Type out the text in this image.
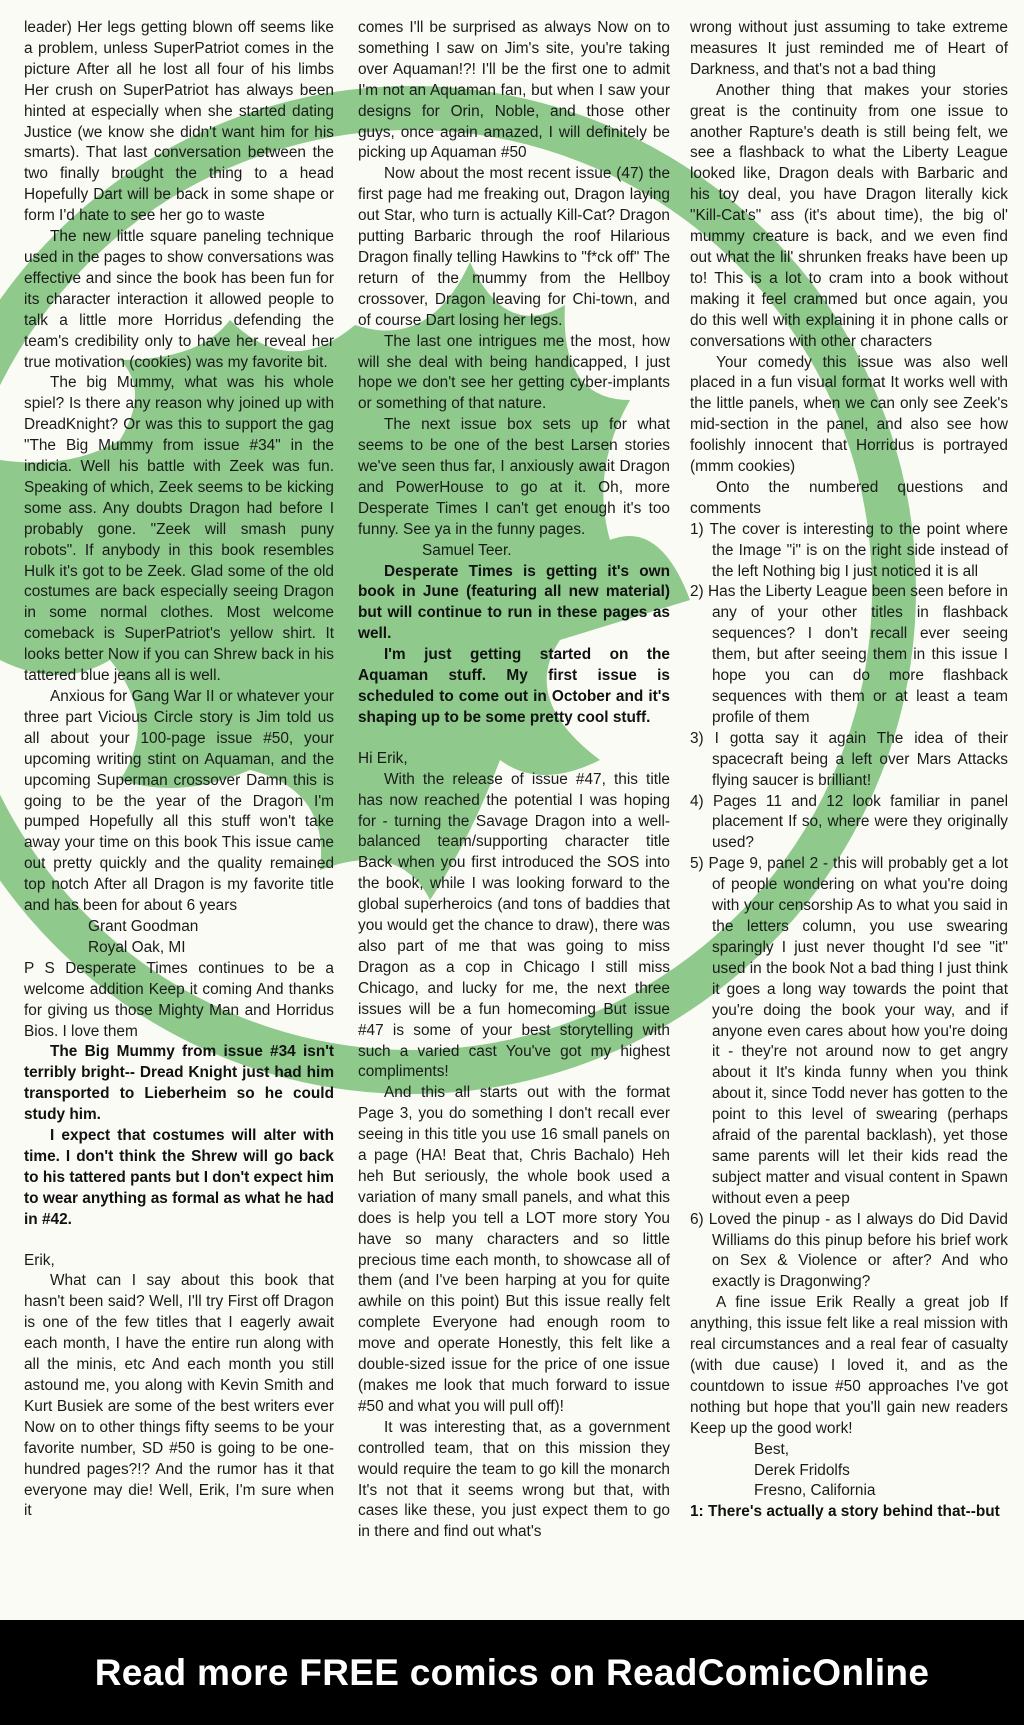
leader) Her legs getting blown off seems like a problem, unless SuperPatriot comes in the picture After all he lost all four of his limbs Her crush on SuperPatriot has always been hinted at especially when she started dating Justice (we know she didn't want him for his smarts). That last conversation between the two finally brought the thing to a head Hopefully Dart will be back in some shape or form I'd hate to see her go to waste

The new little square paneling technique used in the pages to show conversations was effective and since the book has been fun for its character interaction it allowed people to talk a little more Horridus defending the team's credibility only to have her reveal her true motivation (cookies) was my favorite bit.

The big Mummy, what was his whole spiel? Is there any reason why joined up with DreadKnight? Or was this to support the gag "The Big Mummy from issue #34" in the indicia. Well his battle with Zeek was fun. Speaking of which, Zeek seems to be kicking some ass. Any doubts Dragon had before I probably gone. "Zeek will smash puny robots". If anybody in this book resembles Hulk it's got to be Zeek. Glad some of the old costumes are back especially seeing Dragon in some normal clothes. Most welcome comeback is SuperPatriot's yellow shirt. It looks better Now if you can Shrew back in his tattered blue jeans all is well.

Anxious for Gang War II or whatever your three part Vicious Circle story is Jim told us all about your 100-page issue #50, your upcoming writing stint on Aquaman, and the upcoming Superman crossover Damn this is going to be the year of the Dragon I'm pumped Hopefully all this stuff won't take away your time on this book This issue came out pretty quickly and the quality remained top notch After all Dragon is my favorite title and has been for about 6 years

Grant Goodman

Royal Oak, MI

P S Desperate Times continues to be a welcome addition Keep it coming And thanks for giving us those Mighty Man and Horridus Bios. I love them

The Big Mummy from issue #34 isn't terribly bright-- Dread Knight just had him transported to Lieberheim so he could study him.

I expect that costumes will alter with time. I don't think the Shrew will go back to his tattered pants but I don't expect him to wear anything as formal as what he had in #42.

Erik,

What can I say about this book that hasn't been said? Well, I'll try First off Dragon is one of the few titles that I eagerly await each month, I have the entire run along with all the minis, etc And each month you still astound me, you along with Kevin Smith and Kurt Busiek are some of the best writers ever Now on to other things fifty seems to be your favorite number, SD #50 is going to be one-hundred pages?!? And the rumor has it that everyone may die! Well, Erik, I'm sure when it

comes I'll be surprised as always Now on to something I saw on Jim's site, you're taking over Aquaman!?! I'll be the first one to admit I'm not an Aquaman fan, but when I saw your designs for Orin, Noble, and those other guys, once again amazed, I will definitely be picking up Aquaman #50

Now about the most recent issue (47) the first page had me freaking out, Dragon laying out Star, who turn is actually Kill-Cat? Dragon putting Barbaric through the roof Hilarious Dragon finally telling Hawkins to "f*ck off" The return of the mummy from the Hellboy crossover, Dragon leaving for Chi-town, and of course Dart losing her legs.

The last one intrigues me the most, how will she deal with being handicapped, I just hope we don't see her getting cyber-implants or something of that nature.

The next issue box sets up for what seems to be one of the best Larsen stories we've seen thus far, I anxiously await Dragon and PowerHouse to go at it. Oh, more Desperate Times I can't get enough it's too funny. See ya in the funny pages.

Samuel Teer.

Desperate Times is getting it's own book in June (featuring all new material) but will continue to run in these pages as well.

I'm just getting started on the Aquaman stuff. My first issue is scheduled to come out in October and it's shaping up to be some pretty cool stuff.

Hi Erik,

With the release of issue #47, this title has now reached the potential I was hoping for - turning the Savage Dragon into a well-balanced team/supporting character title Back when you first introduced the SOS into the book, while I was looking forward to the global superheroics (and tons of baddies that you would get the chance to draw), there was also part of me that was going to miss Dragon as a cop in Chicago I still miss Chicago, and lucky for me, the next three issues will be a fun homecoming But issue #47 is some of your best storytelling with such a varied cast You've got my highest compliments!

And this all starts out with the format Page 3, you do something I don't recall ever seeing in this title you use 16 small panels on a page (HA! Beat that, Chris Bachalo) Heh heh But seriously, the whole book used a variation of many small panels, and what this does is help you tell a LOT more story You have so many characters and so little precious time each month, to showcase all of them (and I've been harping at you for quite awhile on this point) But this issue really felt complete Everyone had enough room to move and operate Honestly, this felt like a double-sized issue for the price of one issue (makes me look that much forward to issue #50 and what you will pull off)!

It was interesting that, as a government controlled team, that on this mission they would require the team to go kill the monarch It's not that it seems wrong but that, with cases like these, you just expect them to go in there and find out what's

wrong without just assuming to take extreme measures It just reminded me of Heart of Darkness, and that's not a bad thing

Another thing that makes your stories great is the continuity from one issue to another Rapture's death is still being felt, we see a flashback to what the Liberty League looked like, Dragon deals with Barbaric and his toy deal, you have Dragon literally kick "Kill-Cat's" ass (it's about time), the big ol' mummy creature is back, and we even find out what the lil' shrunken freaks have been up to! This is a lot to cram into a book without making it feel crammed but once again, you do this well with explaining it in phone calls or conversations with other characters

Your comedy this issue was also well placed in a fun visual format It works well with the little panels, when we can only see Zeek's mid-section in the panel, and also see how foolishly innocent that Horridus is portrayed (mmm cookies)

Onto the numbered questions and comments

1) The cover is interesting to the point where the Image "i" is on the right side instead of the left Nothing big I just noticed it is all

2) Has the Liberty League been seen before in any of your other titles in flashback sequences? I don't recall ever seeing them, but after seeing them in this issue I hope you can do more flashback sequences with them or at least a team profile of them

3) I gotta say it again The idea of their spacecraft being a left over Mars Attacks flying saucer is brilliant!

4) Pages 11 and 12 look familiar in panel placement If so, where were they originally used?

5) Page 9, panel 2 - this will probably get a lot of people wondering on what you're doing with your censorship As to what you said in the letters column, you use swearing sparingly I just never thought I'd see "it" used in the book Not a bad thing I just think it goes a long way towards the point that you're doing the book your way, and if anyone even cares about how you're doing it - they're not around now to get angry about it It's kinda funny when you think about it, since Todd never has gotten to the point to this level of swearing (perhaps afraid of the parental backlash), yet those same parents will let their kids read the subject matter and visual content in Spawn without even a peep

6) Loved the pinup - as I always do Did David Williams do this pinup before his brief work on Sex & Violence or after? And who exactly is Dragonwing?

A fine issue Erik Really a great job If anything, this issue felt like a real mission with real circumstances and a real fear of casualty (with due cause) I loved it, and as the countdown to issue #50 approaches I've got nothing but hope that you'll gain new readers Keep up the good work!

Best,

Derek Fridolfs

Fresno, California

1: There's actually a story behind that--but

Read more FREE comics on ReadComicOnline
